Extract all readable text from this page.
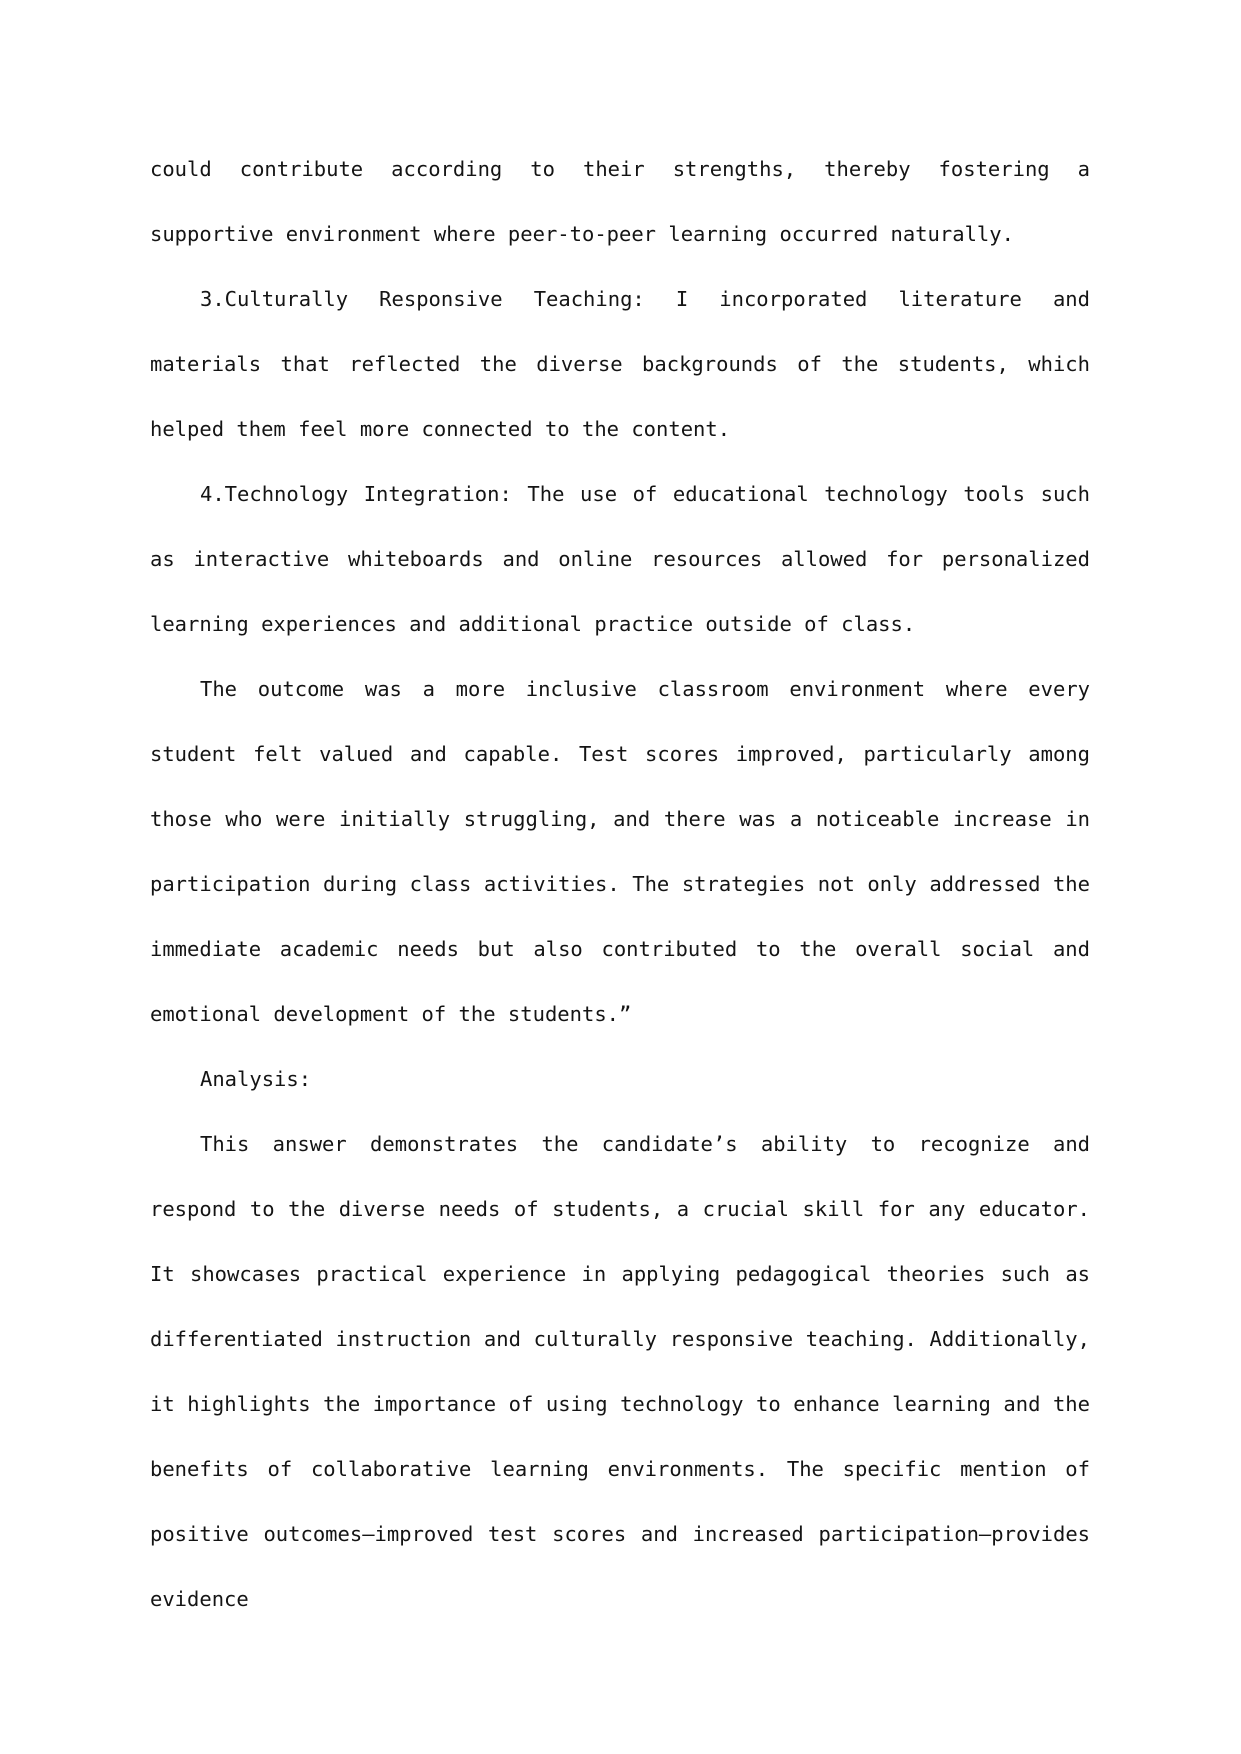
could contribute according to their strengths, thereby fostering a supportive environment where peer-to-peer learning occurred naturally.

3.Culturally Responsive Teaching: I incorporated literature and materials that reflected the diverse backgrounds of the students, which helped them feel more connected to the content.

4.Technology Integration: The use of educational technology tools such as interactive whiteboards and online resources allowed for personalized learning experiences and additional practice outside of class.

The outcome was a more inclusive classroom environment where every student felt valued and capable. Test scores improved, particularly among those who were initially struggling, and there was a noticeable increase in participation during class activities. The strategies not only addressed the immediate academic needs but also contributed to the overall social and emotional development of the students.”

Analysis:

This answer demonstrates the candidate’s ability to recognize and respond to the diverse needs of students, a crucial skill for any educator. It showcases practical experience in applying pedagogical theories such as differentiated instruction and culturally responsive teaching. Additionally, it highlights the importance of using technology to enhance learning and the benefits of collaborative learning environments. The specific mention of positive outcomes—improved test scores and increased participation—provides evidence
